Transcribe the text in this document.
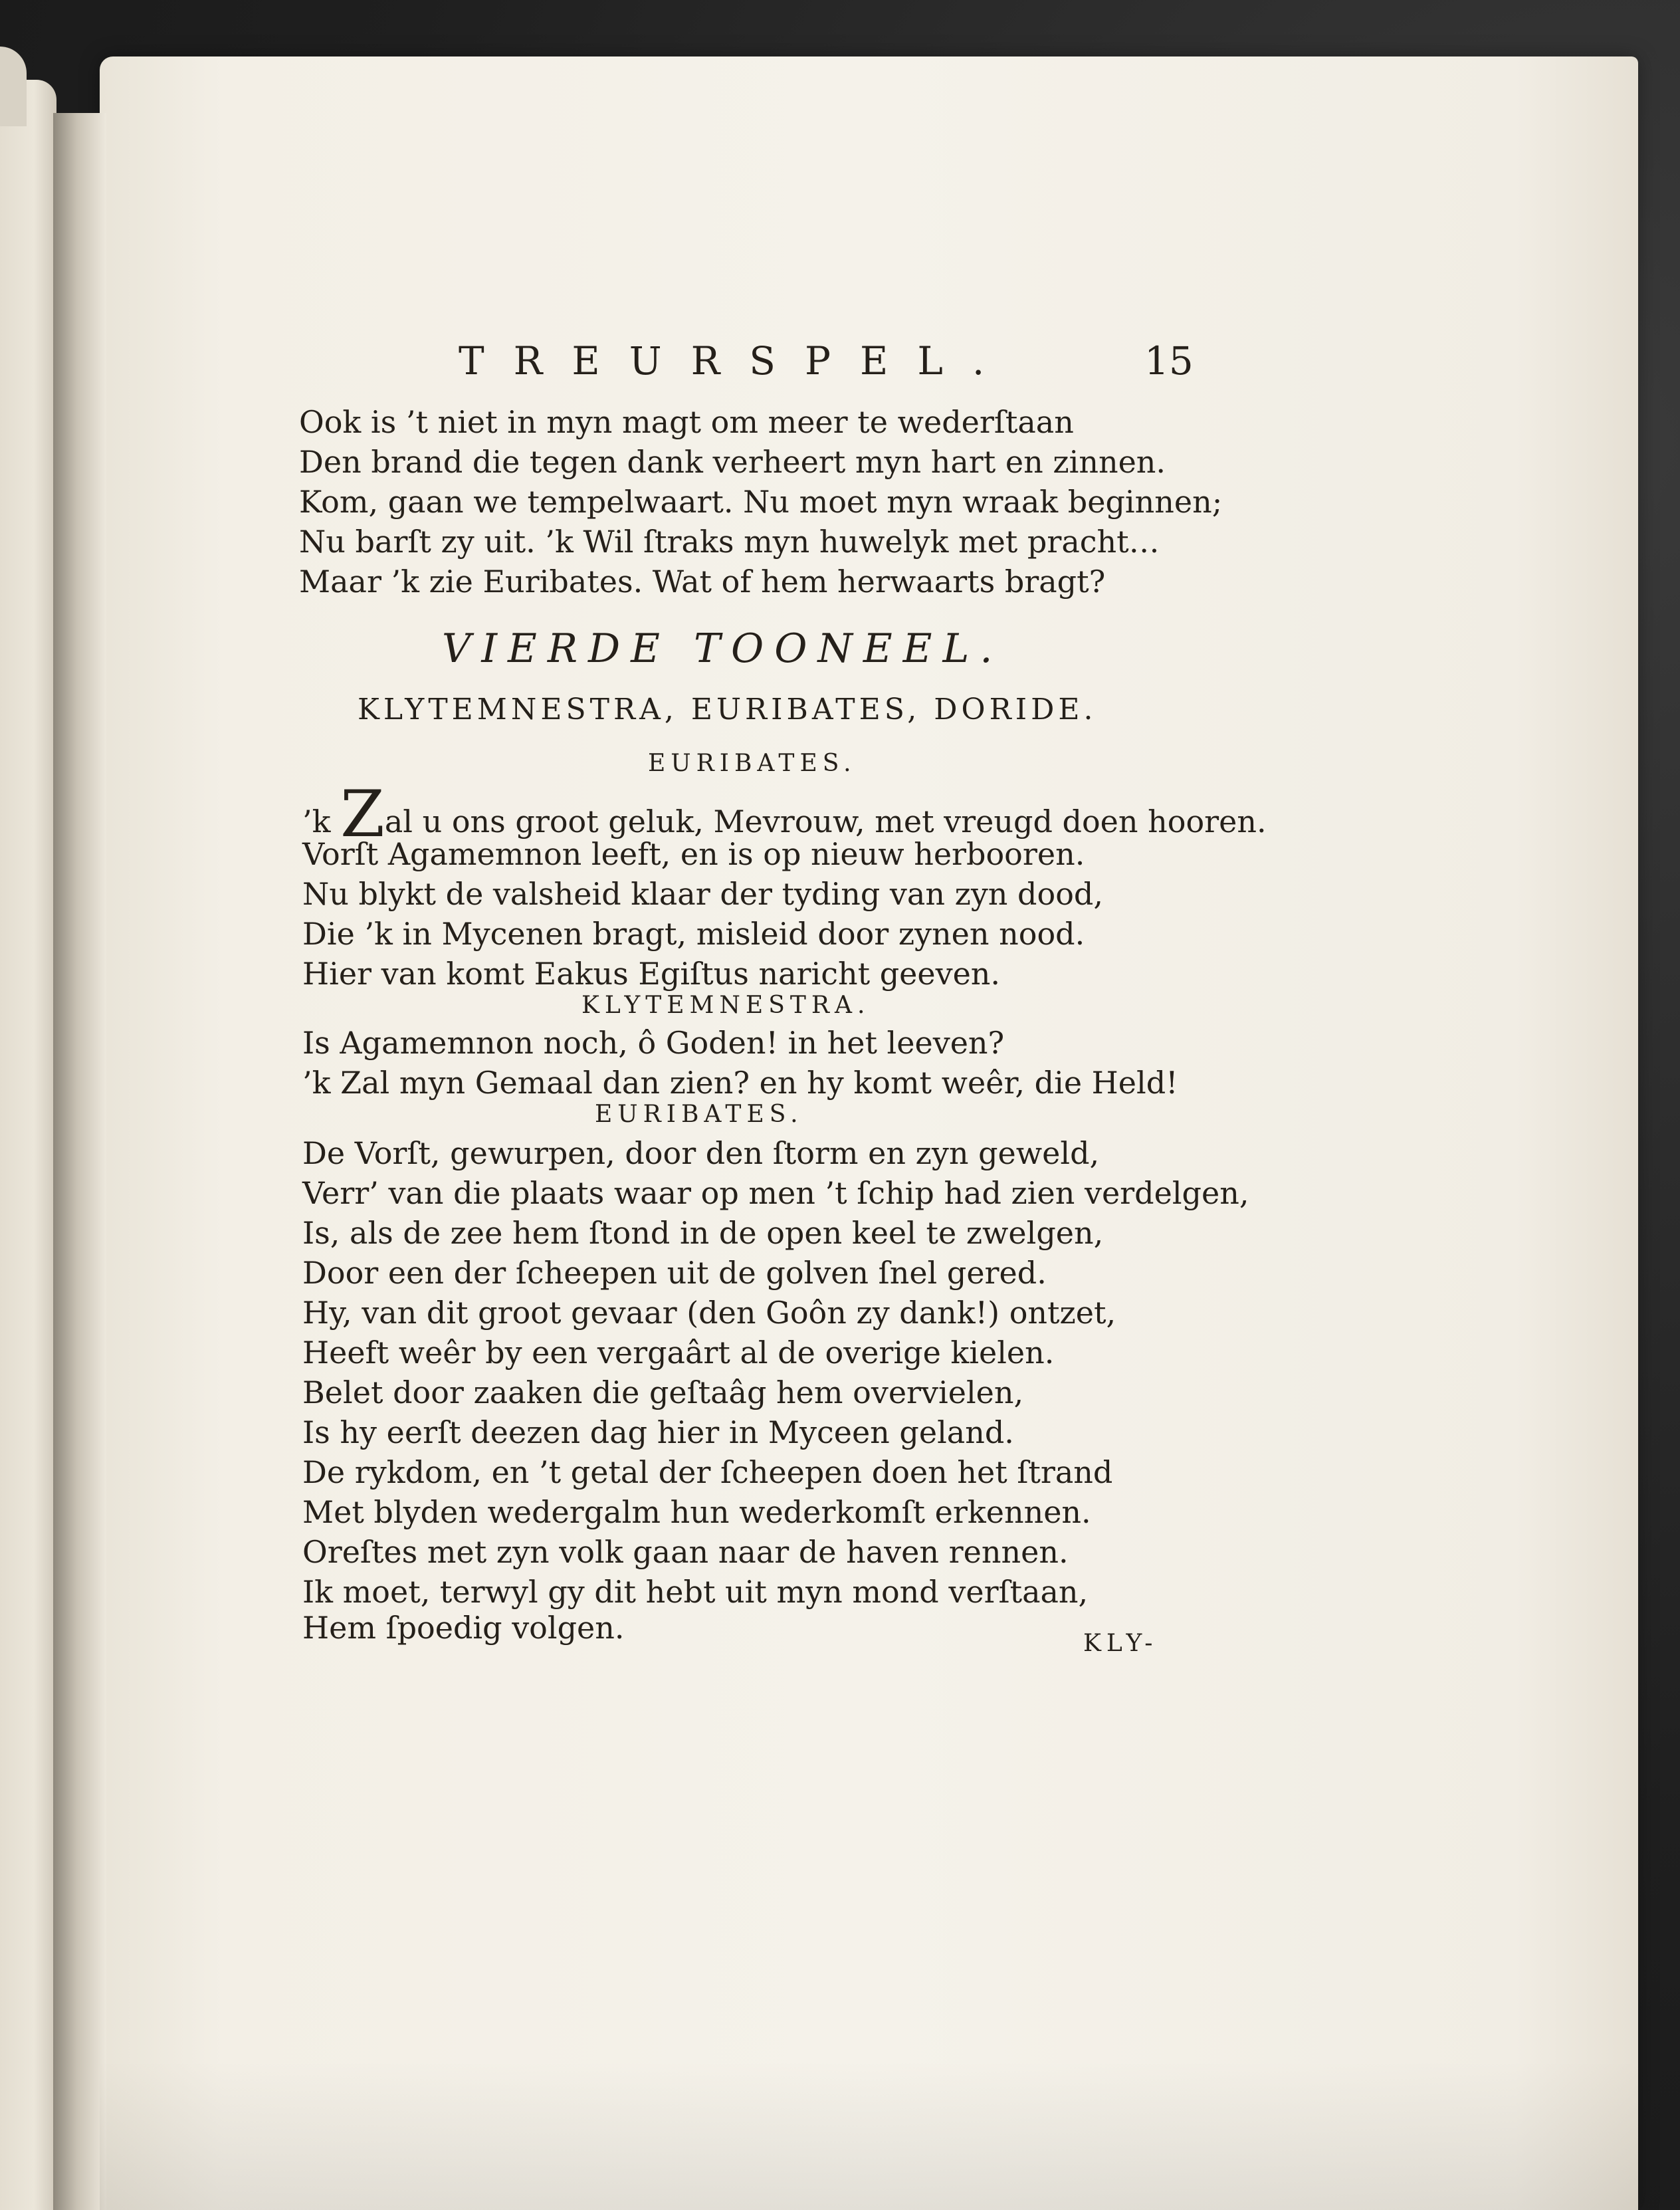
TREURSPEL.	15
Ook is ’t niet in myn magt om meer te wederſtaan
Den brand die tegen dank verheert myn hart en zinnen.
Kom, gaan we tempelwaart. Nu moet myn wraak beginnen;
Nu barſt zy uit. ’k Wil ſtraks myn huwelyk met pracht…
Maar ’k zie Euribates. Wat of hem herwaarts bragt?
VIERDE TOONEEL.
KLYTEMNESTRA, EURIBATES, DORIDE.
EURIBATES.
’k Zal u ons groot geluk, Mevrouw, met vreugd doen hooren.
Vorſt Agamemnon leeft, en is op nieuw herbooren.
Nu blykt de valsheid klaar der tyding van zyn dood,
Die ’k in Mycenen bragt, misleid door zynen nood.
Hier van komt Eakus Egiſtus naricht geeven.
KLYTEMNESTRA.
Is Agamemnon noch, ô Goden! in het leeven?
’k Zal myn Gemaal dan zien? en hy komt weêr, die Held!
EURIBATES.
De Vorſt, gewurpen, door den ſtorm en zyn geweld,
Verr’ van die plaats waar op men ’t ſchip had zien verdelgen,
Is, als de zee hem ſtond in de open keel te zwelgen,
Door een der ſcheepen uit de golven ſnel gered.
Hy, van dit groot gevaar (den Goôn zy dank!) ontzet,
Heeft weêr by een vergaârt al de overige kielen.
Belet door zaaken die geſtaâg hem overvielen,
Is hy eerſt deezen dag hier in Myceen geland.
De rykdom, en ’t getal der ſcheepen doen het ſtrand
Met blyden wedergalm hun wederkomſt erkennen.
Oreſtes met zyn volk gaan naar de haven rennen.
Ik moet, terwyl gy dit hebt uit myn mond verſtaan,
Hem ſpoedig volgen.	KLY-
